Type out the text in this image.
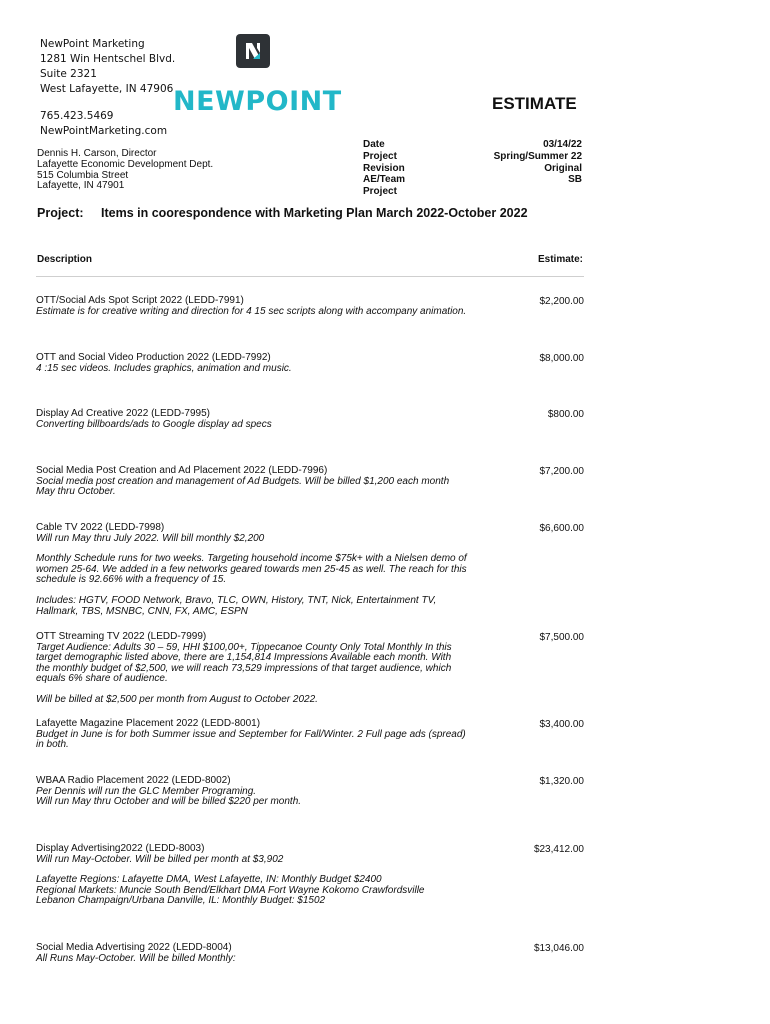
NewPoint Marketing
1281 Win Hentschel Blvd.
Suite 2321
West Lafayette, IN 47906
765.423.5469
NewPointMarketing.com
NEWPOINT	ESTIMATE
Dennis H. Carson, Director
Lafayette Economic Development Dept.
515 Columbia Street
Lafayette, IN 47901
Date
Project
Revision
AE/Team
Project
03/14/22
Spring/Summer 22
Original
SB
Project: Items in coorespondence with Marketing Plan March 2022-October 2022
Description	Estimate:
OTT/Social Ads Spot Script 2022 (LEDD-7991)
Estimate is for creative writing and direction for 4 15 sec scripts along with accompany animation.
$2,200.00
OTT and Social Video Production 2022 (LEDD-7992)
4 :15 sec videos. Includes graphics, animation and music.
$8,000.00
Display Ad Creative 2022 (LEDD-7995)
Converting billboards/ads to Google display ad specs
$800.00
Social Media Post Creation and Ad Placement 2022 (LEDD-7996)
Social media post creation and management of Ad Budgets. Will be billed $1,200 each month
May thru October.
$7,200.00
Cable TV 2022 (LEDD-7998)
Will run May thru July 2022. Will bill monthly $2,200
Monthly Schedule runs for two weeks. Targeting household income $75k+ with a Nielsen demo of
women 25-64. We added in a few networks geared towards men 25-45 as well. The reach for this
schedule is 92.66% with a frequency of 15.
Includes: HGTV, FOOD Network, Bravo, TLC, OWN, History, TNT, Nick, Entertainment TV,
Hallmark, TBS, MSNBC, CNN, FX, AMC, ESPN
$6,600.00
OTT Streaming TV 2022 (LEDD-7999)
Target Audience: Adults 30 – 59, HHI $100,00+, Tippecanoe County Only Total Monthly In this
target demographic listed above, there are 1,154,814 Impressions Available each month. With
the monthly budget of $2,500, we will reach 73,529 impressions of that target audience, which
equals 6% share of audience.
Will be billed at $2,500 per month from August to October 2022.
$7,500.00
Lafayette Magazine Placement 2022 (LEDD-8001)
Budget in June is for both Summer issue and September for Fall/Winter. 2 Full page ads (spread)
in both.
$3,400.00
WBAA Radio Placement 2022 (LEDD-8002)
Per Dennis will run the GLC Member Programing.
Will run May thru October and will be billed $220 per month.
$1,320.00
Display Advertising2022 (LEDD-8003)
Will run May-October. Will be billed per month at $3,902
Lafayette Regions: Lafayette DMA, West Lafayette, IN: Monthly Budget $2400
Regional Markets: Muncie South Bend/Elkhart DMA Fort Wayne Kokomo Crawfordsville
Lebanon Champaign/Urbana Danville, IL: Monthly Budget: $1502
$23,412.00
Social Media Advertising 2022 (LEDD-8004)
All Runs May-October. Will be billed Monthly:
$13,046.00
